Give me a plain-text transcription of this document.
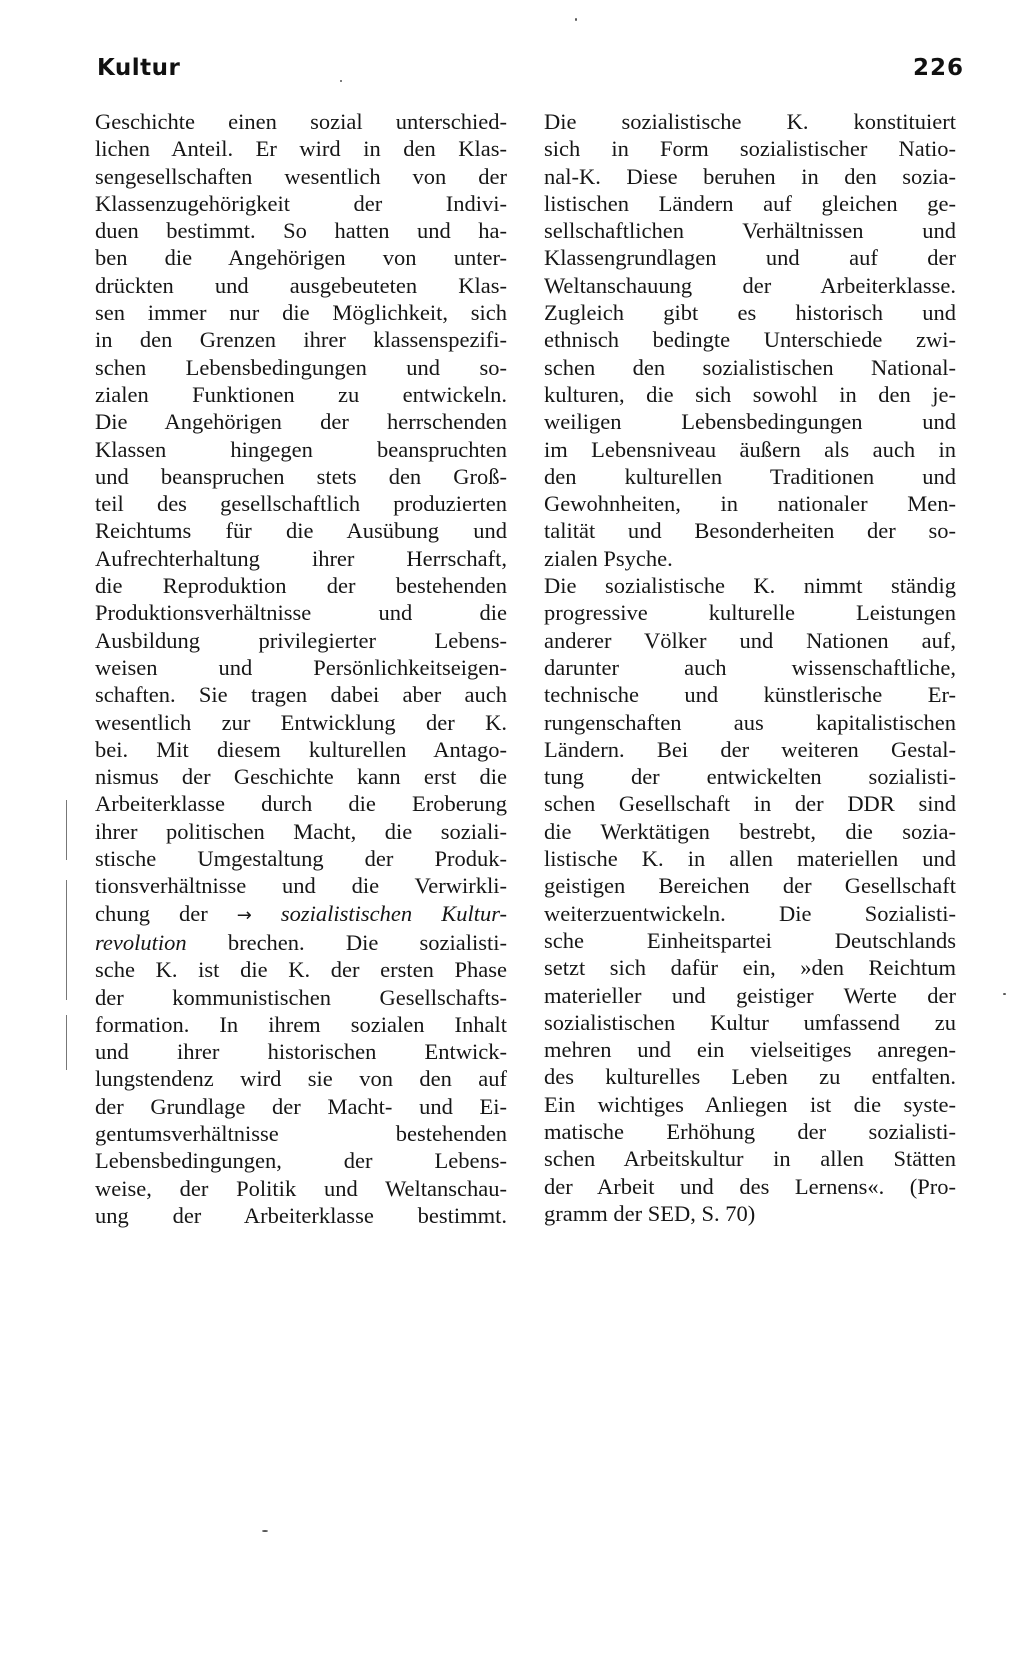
Kultur	226

Geschichte einen sozial unterschied-
lichen Anteil. Er wird in den Klas-
sengesellschaften wesentlich von der
Klassenzugehörigkeit der Indivi-
duen bestimmt. So hatten und ha-
ben die Angehörigen von unter-
drückten und ausgebeuteten Klas-
sen immer nur die Möglichkeit, sich
in den Grenzen ihrer klassenspezifi-
schen Lebensbedingungen und so-
zialen Funktionen zu entwickeln.
Die Angehörigen der herrschenden
Klassen hingegen beanspruchten
und beanspruchen stets den Groß-
teil des gesellschaftlich produzierten
Reichtums für die Ausübung und
Aufrechterhaltung ihrer Herrschaft,
die Reproduktion der bestehenden
Produktionsverhältnisse und die
Ausbildung privilegierter Lebens-
weisen und Persönlichkeitseigen-
schaften. Sie tragen dabei aber auch
wesentlich zur Entwicklung der K.
bei. Mit diesem kulturellen Antago-
nismus der Geschichte kann erst die
Arbeiterklasse durch die Eroberung
ihrer politischen Macht, die soziali-
stische Umgestaltung der Produk-
tionsverhältnisse und die Verwirkli-
chung der → sozialistischen Kultur-
revolution brechen. Die sozialisti-
sche K. ist die K. der ersten Phase
der kommunistischen Gesellschafts-
formation. In ihrem sozialen Inhalt
und ihrer historischen Entwick-
lungstendenz wird sie von den auf
der Grundlage der Macht- und Ei-
gentumsverhältnisse bestehenden
Lebensbedingungen, der Lebens-
weise, der Politik und Weltanschau-
ung der Arbeiterklasse bestimmt.

Die sozialistische K. konstituiert
sich in Form sozialistischer Natio-
nal-K. Diese beruhen in den sozia-
listischen Ländern auf gleichen ge-
sellschaftlichen Verhältnissen und
Klassengrundlagen und auf der
Weltanschauung der Arbeiterklasse.
Zugleich gibt es historisch und
ethnisch bedingte Unterschiede zwi-
schen den sozialistischen National-
kulturen, die sich sowohl in den je-
weiligen Lebensbedingungen und
im Lebensniveau äußern als auch in
den kulturellen Traditionen und
Gewohnheiten, in nationaler Men-
talität und Besonderheiten der so-
zialen Psyche.

Die sozialistische K. nimmt ständig
progressive kulturelle Leistungen
anderer Völker und Nationen auf,
darunter auch wissenschaftliche,
technische und künstlerische Er-
rungenschaften aus kapitalistischen
Ländern. Bei der weiteren Gestal-
tung der entwickelten sozialisti-
schen Gesellschaft in der DDR sind
die Werktätigen bestrebt, die sozia-
listische K. in allen materiellen und
geistigen Bereichen der Gesellschaft
weiterzuentwickeln. Die Sozialisti-
sche Einheitspartei Deutschlands
setzt sich dafür ein, »den Reichtum
materieller und geistiger Werte der
sozialistischen Kultur umfassend zu
mehren und ein vielseitiges anregen-
des kulturelles Leben zu entfalten.
Ein wichtiges Anliegen ist die syste-
matische Erhöhung der sozialisti-
schen Arbeitskultur in allen Stätten
der Arbeit und des Lernens«. (Pro-
gramm der SED, S. 70)
